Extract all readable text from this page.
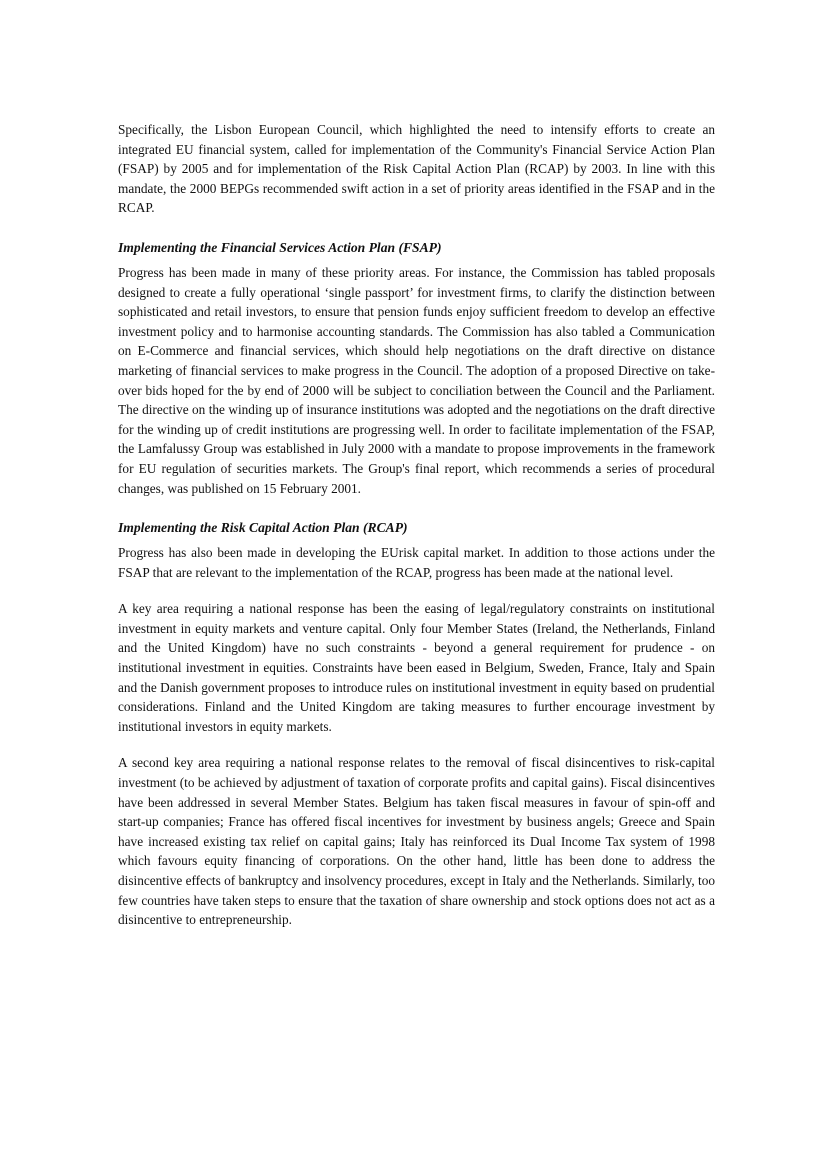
Specifically, the Lisbon European Council, which highlighted the need to intensify efforts to create an integrated EU financial system, called for implementation of the Community's Financial Service Action Plan (FSAP) by 2005 and for implementation of the Risk Capital Action Plan (RCAP) by 2003. In line with this mandate, the 2000 BEPGs recommended swift action in a set of priority areas identified in the FSAP and in the RCAP.

Implementing the Financial Services Action Plan (FSAP)

Progress has been made in many of these priority areas. For instance, the Commission has tabled proposals designed to create a fully operational ‘single passport’ for investment firms, to clarify the distinction between sophisticated and retail investors, to ensure that pension funds enjoy sufficient freedom to develop an effective investment policy and to harmonise accounting standards. The Commission has also tabled a Communication on E-Commerce and financial services, which should help negotiations on the draft directive on distance marketing of financial services to make progress in the Council. The adoption of a proposed Directive on take-over bids hoped for the by end of 2000 will be subject to conciliation between the Council and the Parliament. The directive on the winding up of insurance institutions was adopted and the negotiations on the draft directive for the winding up of credit institutions are progressing well. In order to facilitate implementation of the FSAP, the Lamfalussy Group was established in July 2000 with a mandate to propose improvements in the framework for EU regulation of securities markets. The Group's final report, which recommends a series of procedural changes, was published on 15 February 2001.

Implementing the Risk Capital Action Plan (RCAP)

Progress has also been made in developing the EUrisk capital market. In addition to those actions under the FSAP that are relevant to the implementation of the RCAP, progress has been made at the national level.

A key area requiring a national response has been the easing of legal/regulatory constraints on institutional investment in equity markets and venture capital. Only four Member States (Ireland, the Netherlands, Finland and the United Kingdom) have no such constraints - beyond a general requirement for prudence - on institutional investment in equities. Constraints have been eased in Belgium, Sweden, France, Italy and Spain and the Danish government proposes to introduce rules on institutional investment in equity based on prudential considerations. Finland and the United Kingdom are taking measures to further encourage investment by institutional investors in equity markets.

A second key area requiring a national response relates to the removal of fiscal disincentives to risk-capital investment (to be achieved by adjustment of taxation of corporate profits and capital gains). Fiscal disincentives have been addressed in several Member States. Belgium has taken fiscal measures in favour of spin-off and start-up companies; France has offered fiscal incentives for investment by business angels; Greece and Spain have increased existing tax relief on capital gains; Italy has reinforced its Dual Income Tax system of 1998 which favours equity financing of corporations. On the other hand, little has been done to address the disincentive effects of bankruptcy and insolvency procedures, except in Italy and the Netherlands. Similarly, too few countries have taken steps to ensure that the taxation of share ownership and stock options does not act as a disincentive to entrepreneurship.
